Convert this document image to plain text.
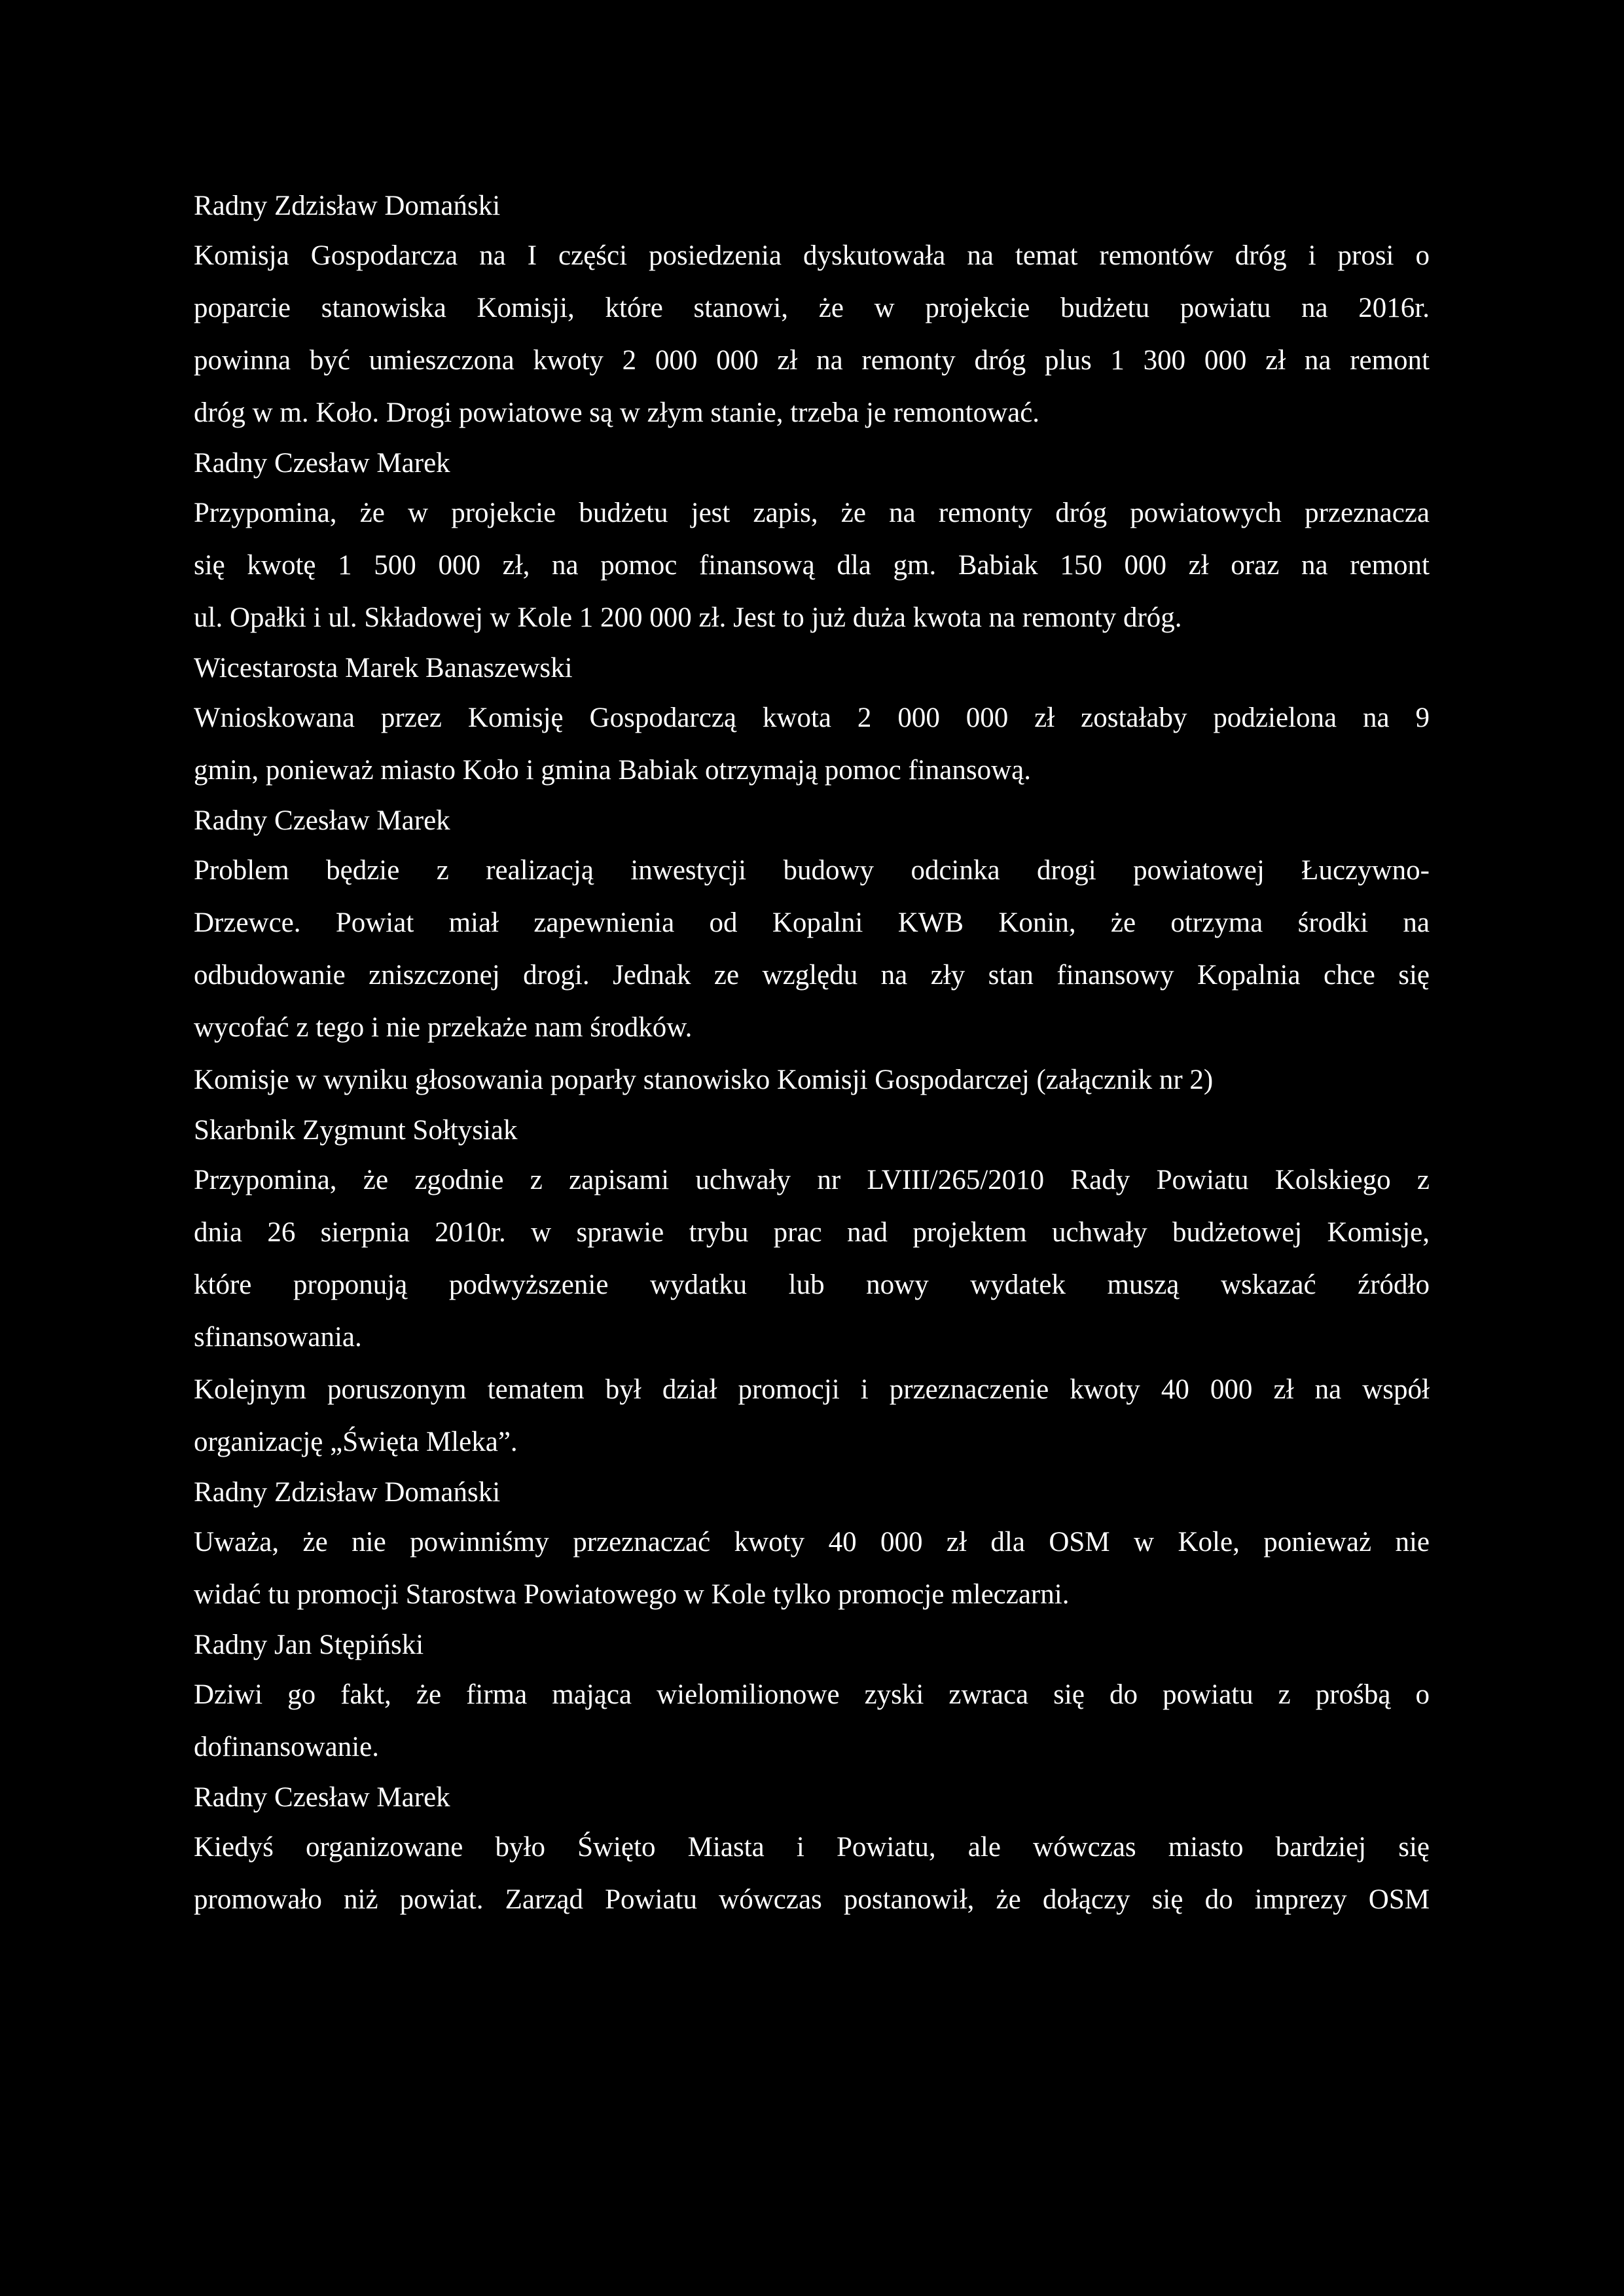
Radny Zdzisław Domański
Komisja Gospodarcza na I części posiedzenia dyskutowała na temat remontów dróg i prosi o
poparcie stanowiska Komisji, które stanowi, że w projekcie budżetu powiatu na 2016r.
powinna być umieszczona kwoty 2 000 000 zł na remonty dróg plus 1 300 000 zł na remont
dróg w m. Koło. Drogi powiatowe są w złym stanie, trzeba je remontować.
Radny Czesław Marek
Przypomina, że w projekcie budżetu jest zapis, że na remonty dróg powiatowych przeznacza
się kwotę 1 500 000 zł, na pomoc finansową dla gm. Babiak 150 000 zł oraz na remont
ul. Opałki i ul. Składowej w Kole 1 200 000 zł. Jest to już duża kwota na remonty dróg.
Wicestarosta Marek Banaszewski
Wnioskowana przez Komisję Gospodarczą kwota 2 000 000 zł zostałaby podzielona na 9
gmin, ponieważ miasto Koło i gmina Babiak otrzymają pomoc finansową.
Radny Czesław Marek
Problem będzie z realizacją inwestycji budowy odcinka drogi powiatowej Łuczywno-
Drzewce. Powiat miał zapewnienia od Kopalni KWB Konin, że otrzyma środki na
odbudowanie zniszczonej drogi. Jednak ze względu na zły stan finansowy Kopalnia chce się
wycofać z tego i nie przekaże nam środków.
Komisje w wyniku głosowania poparły stanowisko Komisji Gospodarczej (załącznik nr 2)
Skarbnik Zygmunt Sołtysiak
Przypomina, że zgodnie z zapisami uchwały nr LVIII/265/2010 Rady Powiatu Kolskiego z
dnia 26 sierpnia 2010r. w sprawie trybu prac nad projektem uchwały budżetowej Komisje,
które proponują podwyższenie wydatku lub nowy wydatek muszą wskazać źródło
sfinansowania.
Kolejnym poruszonym tematem był dział promocji i przeznaczenie kwoty 40 000 zł na współ
organizację „Święta Mleka”.
Radny Zdzisław Domański
Uważa, że nie powinniśmy przeznaczać kwoty 40 000 zł dla OSM w Kole, ponieważ nie
widać tu promocji Starostwa Powiatowego w Kole tylko promocje mleczarni.
Radny Jan Stępiński
Dziwi go fakt, że firma mająca wielomilionowe zyski zwraca się do powiatu z prośbą o
dofinansowanie.
Radny Czesław Marek
Kiedyś organizowane było Święto Miasta i Powiatu, ale wówczas miasto bardziej się
promowało niż powiat. Zarząd Powiatu wówczas postanowił, że dołączy się do imprezy OSM
